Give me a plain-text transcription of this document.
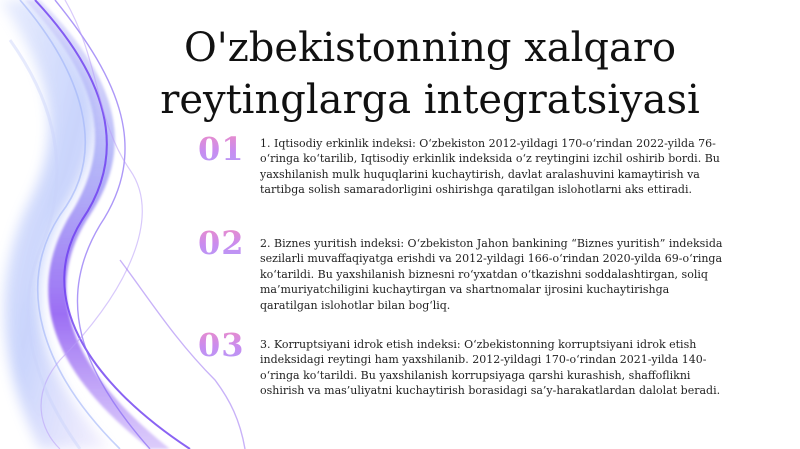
O'zbekistonning xalqaro reytinglarga integratsiyasi
01 1. Iqtisodiy erkinlik indeksi: O‘zbekiston 2012-yildagi 170-o‘rindan 2022-yilda 76-o‘ringa ko‘tarilib, Iqtisodiy erkinlik indeksida o‘z reytingini izchil oshirib bordi. Bu yaxshilanish mulk huquqlarini kuchaytirish, davlat aralashuvini kamaytirish va tartibga solish samaradorligini oshirishga qaratilgan islohotlarni aks ettiradi.

02 2. Biznes yuritish indeksi: O‘zbekiston Jahon bankining “Biznes yuritish” indeksida sezilarli muvaffaqiyatga erishdi va 2012-yildagi 166-o‘rindan 2020-yilda 69-o‘ringa ko‘tarildi. Bu yaxshilanish biznesni ro‘yxatdan o‘tkazishni soddalashtirgan, soliq ma’muriyatchiligini kuchaytirgan va shartnomalar ijrosini kuchaytirishga qaratilgan islohotlar bilan bog‘liq.

03 3. Korruptsiyani idrok etish indeksi: O‘zbekistonning korruptsiyani idrok etish indeksidagi reytingi ham yaxshilanib. 2012-yildagi 170-o‘rindan 2021-yilda 140-o‘ringa ko‘tarildi. Bu yaxshilanish korrupsiyaga qarshi kurashish, shaffoflikni oshirish va mas’uliyatni kuchaytirish borasidagi sa’y-harakatlardan dalolat beradi.
